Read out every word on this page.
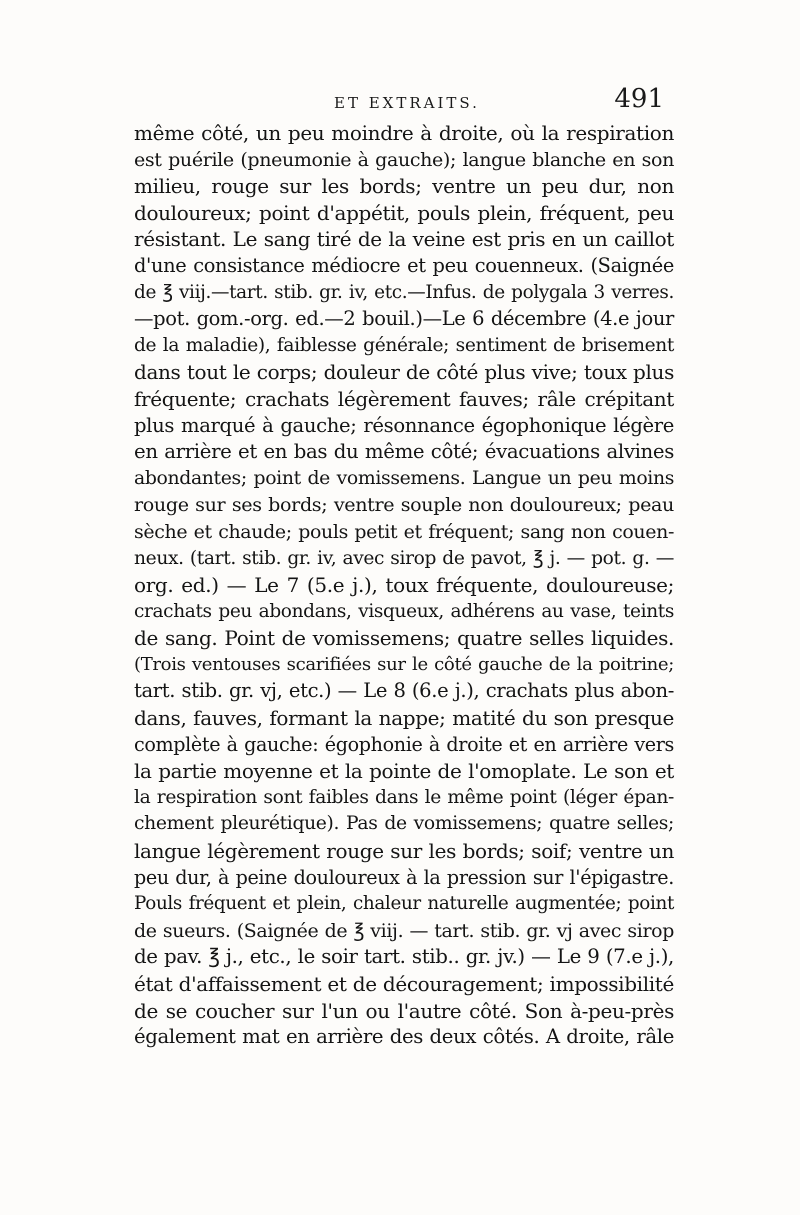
ET EXTRAITS.	491
même côté, un peu moindre à droite, où la respiration
est puérile (pneumonie à gauche); langue blanche en son
milieu, rouge sur les bords; ventre un peu dur, non
douloureux; point d'appétit, pouls plein, fréquent, peu
résistant. Le sang tiré de la veine est pris en un caillot
d'une consistance médiocre et peu couenneux. (Saignée
de ℥ viij.—tart. stib. gr. iv, etc.—Infus. de polygala 3 verres.
—pot. gom.-org. ed.—2 bouil.)—Le 6 décembre (4.e jour
de la maladie), faiblesse générale; sentiment de brisement
dans tout le corps; douleur de côté plus vive; toux plus
fréquente; crachats légèrement fauves; râle crépitant
plus marqué à gauche; résonnance égophonique légère
en arrière et en bas du même côté; évacuations alvines
abondantes; point de vomissemens. Langue un peu moins
rouge sur ses bords; ventre souple non douloureux; peau
sèche et chaude; pouls petit et fréquent; sang non couen-
neux. (tart. stib. gr. iv, avec sirop de pavot, ℥ j. — pot. g. —
org. ed.) — Le 7 (5.e j.), toux fréquente, douloureuse;
crachats peu abondans, visqueux, adhérens au vase, teints
de sang. Point de vomissemens; quatre selles liquides.
(Trois ventouses scarifiées sur le côté gauche de la poitrine;
tart. stib. gr. vj, etc.) — Le 8 (6.e j.), crachats plus abon-
dans, fauves, formant la nappe; matité du son presque
complète à gauche: égophonie à droite et en arrière vers
la partie moyenne et la pointe de l'omoplate. Le son et
la respiration sont faibles dans le même point (léger épan-
chement pleurétique). Pas de vomissemens; quatre selles;
langue légèrement rouge sur les bords; soif; ventre un
peu dur, à peine douloureux à la pression sur l'épigastre.
Pouls fréquent et plein, chaleur naturelle augmentée; point
de sueurs. (Saignée de ℥ viij. — tart. stib. gr. vj avec sirop
de pav. ℥ j., etc., le soir tart. stib.. gr. jv.) — Le 9 (7.e j.),
état d'affaissement et de découragement; impossibilité
de se coucher sur l'un ou l'autre côté. Son à-peu-près
également mat en arrière des deux côtés. A droite, râle
